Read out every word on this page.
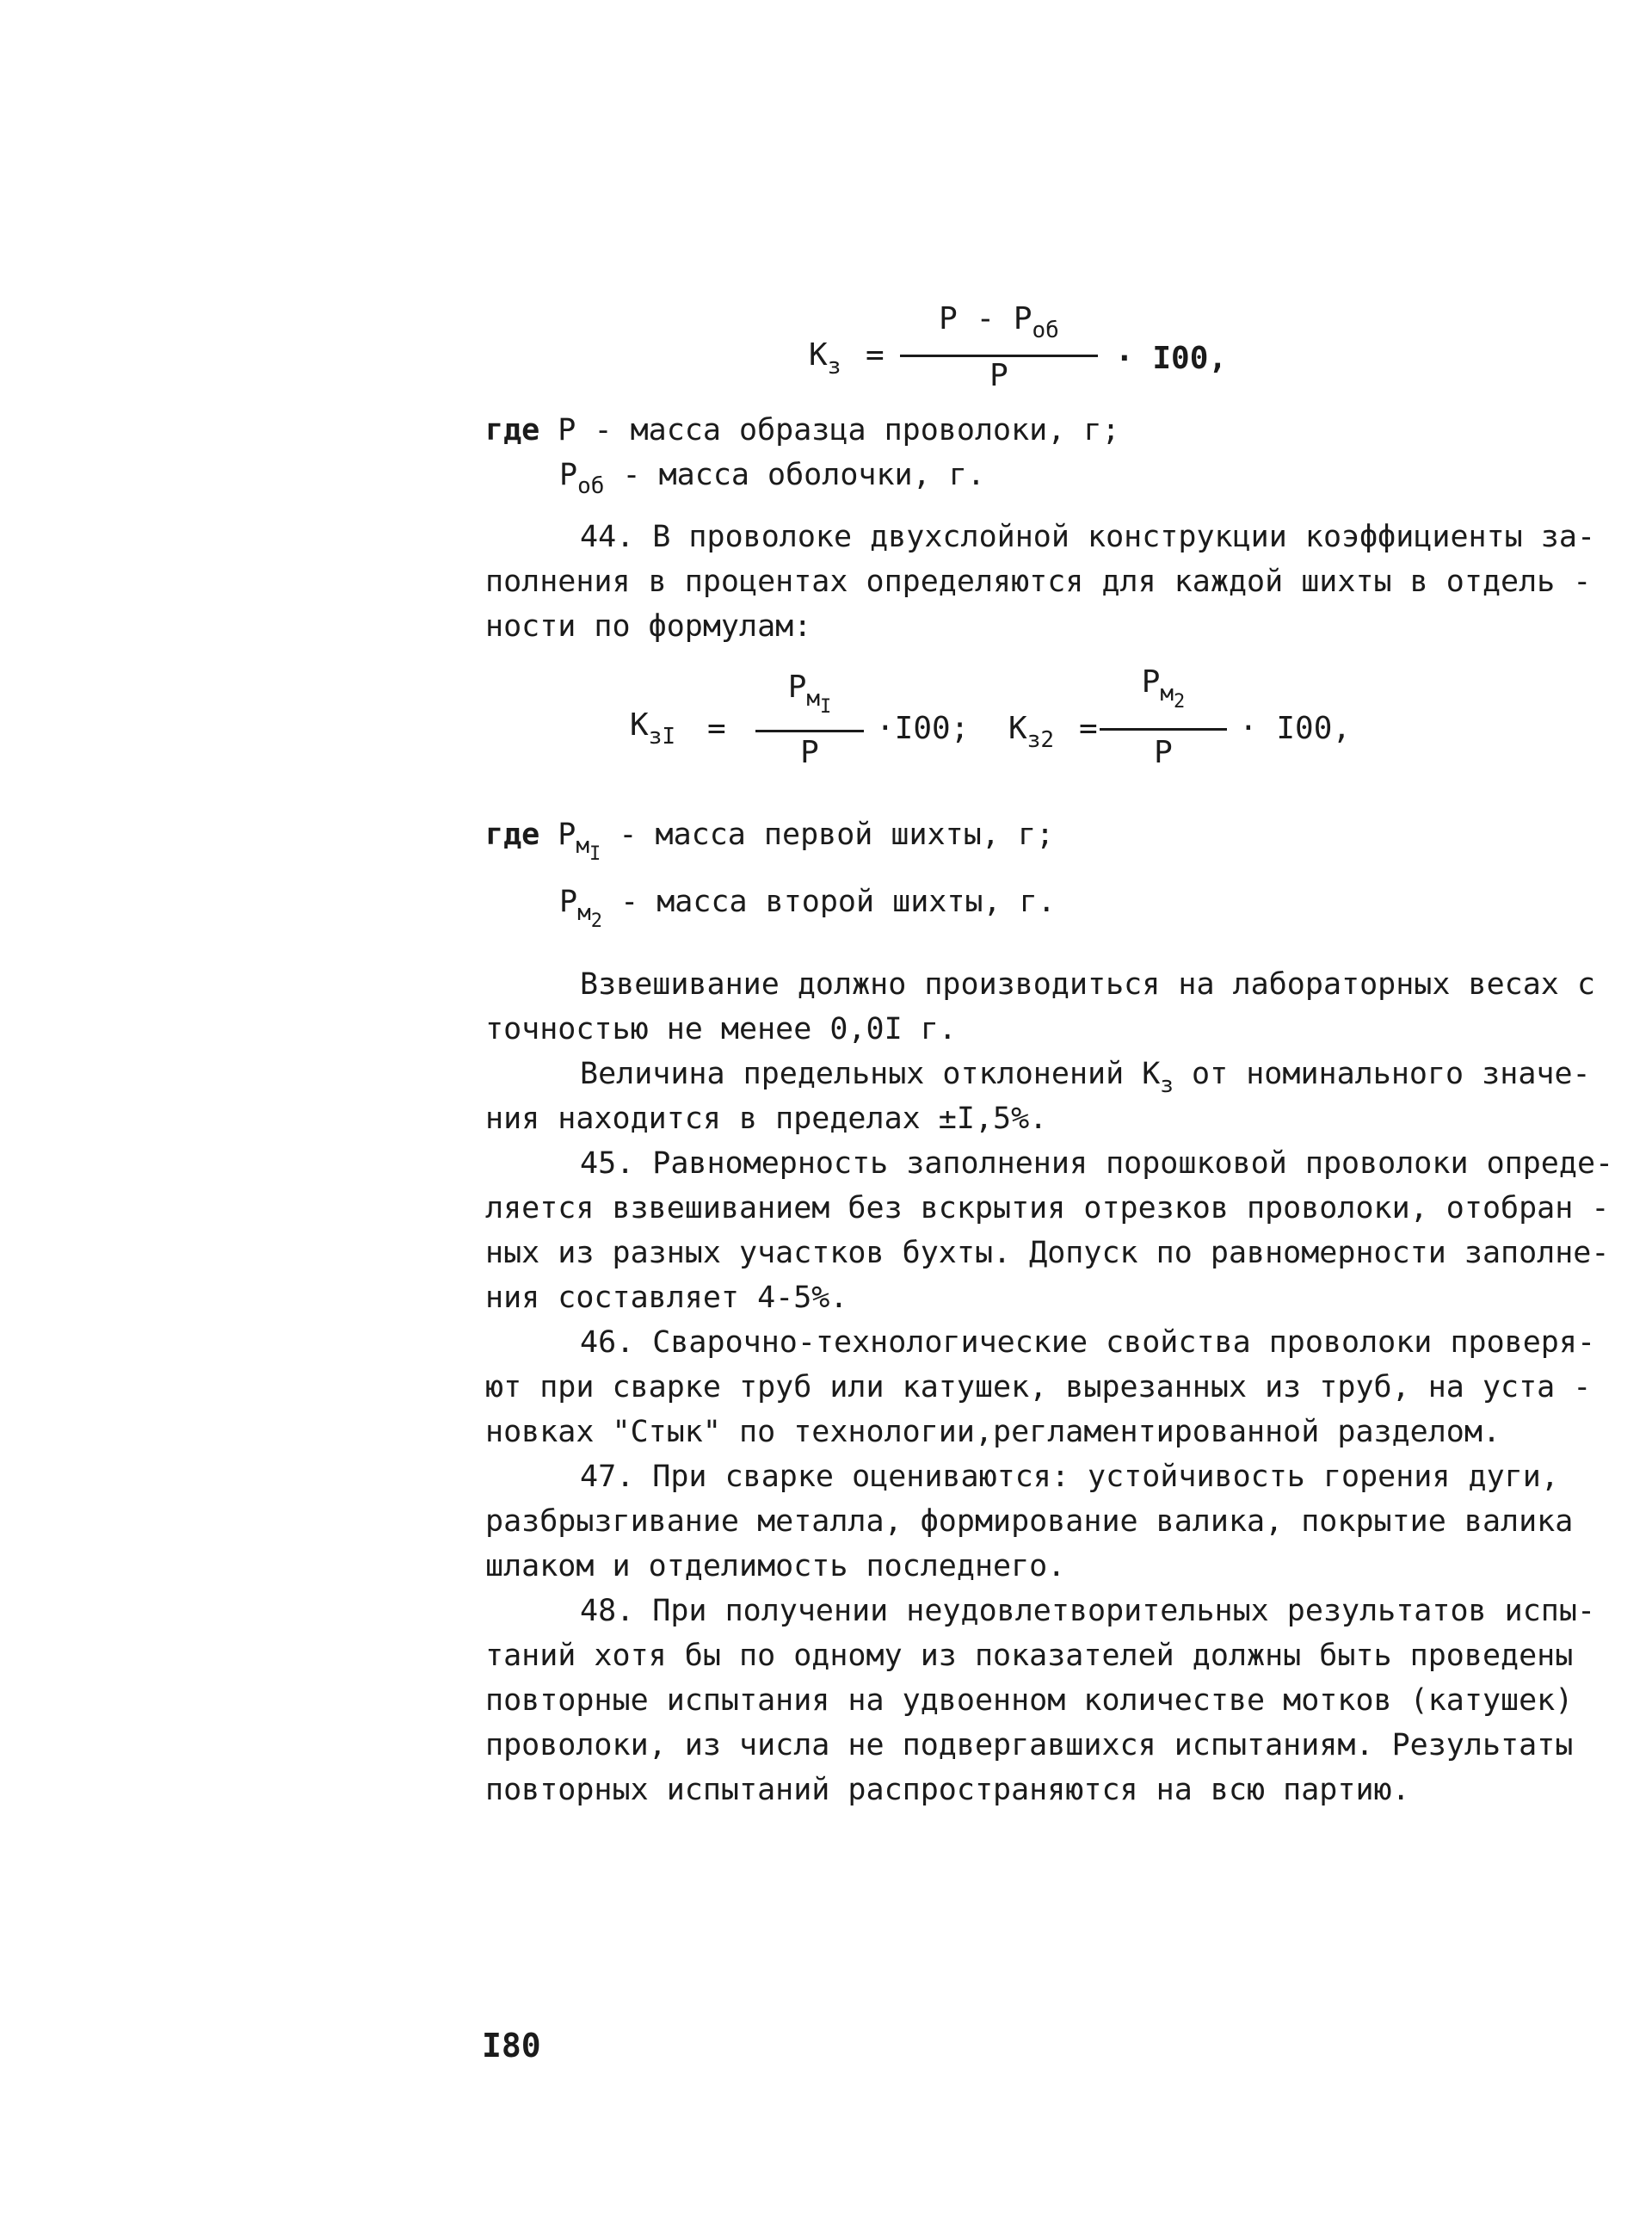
$К_з$ =
Р - $Р_{об}$
Р	· I00,
где Р - масса образца проволоки, г;
$Р_{об}$ - масса оболочки, г.
44. В проволоке двухслойной конструкции коэффициенты за-
полнения в процентах определяются для каждой шихты в отдель -
ности по формулам:
$К_{зI}$ =
$Р_{м_I}$
Р
·I00; $К_{з2}$ =
$Р_{м_2}$
Р
· I00,
где $Р_{м_I}$ - масса первой шихты, г;
$Р_{м_2}$ - масса второй шихты, г.
Взвешивание должно производиться на лабораторных весах с
точностью не менее 0,0I г.
Величина предельных отклонений $К_з$ от номинального значе-
ния находится в пределах ±I,5%.
45. Равномерность заполнения порошковой проволоки опреде-
ляется взвешиванием без вскрытия отрезков проволоки, отобран -
ных из разных участков бухты. Допуск по равномерности заполне-
ния составляет 4-5%.
46. Сварочно-технологические свойства проволоки проверя-
ют при сварке труб или катушек, вырезанных из труб, на уста -
новках "Стык" по технологии,регламентированной разделом.
47. При сварке оцениваются: устойчивость горения дуги,
разбрызгивание металла, формирование валика, покрытие валика
шлаком и отделимость последнего.
48. При получении неудовлетворительных результатов испы-
таний хотя бы по одному из показателей должны быть проведены
повторные испытания на удвоенном количестве мотков (катушек)
проволоки, из числа не подвергавшихся испытаниям. Результаты
повторных испытаний распространяются на всю партию.
I80
